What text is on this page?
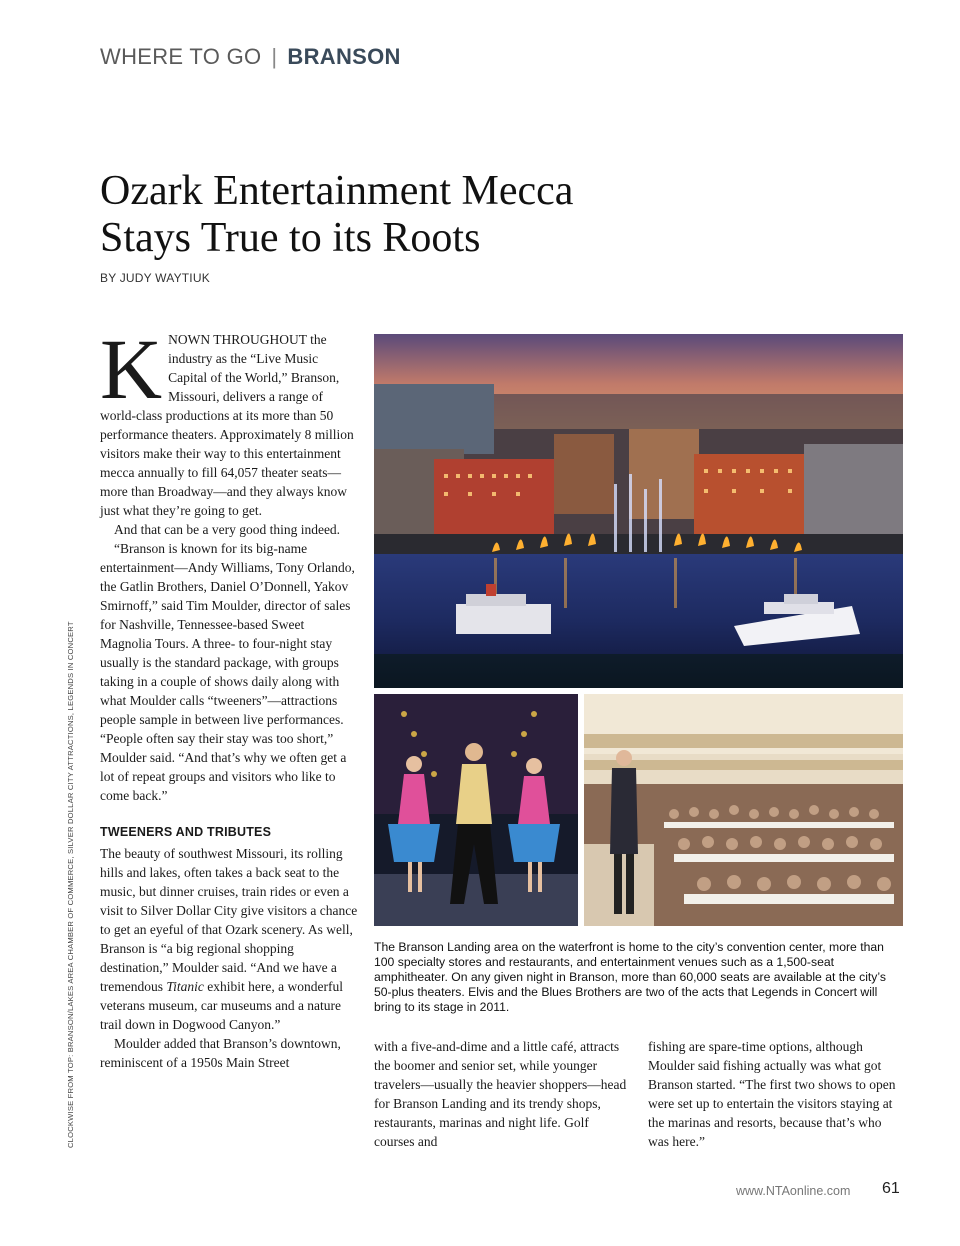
WHERE TO GO | BRANSON
Ozark Entertainment Mecca
Stays True to its Roots
BY JUDY WAYTIUK

KNOWN THROUGHOUT the industry as the “Live Music Capital of the World,” Branson, Missouri, delivers a range of world-class productions at its more than 50 performance theaters. Approximately 8 million visitors make their way to this entertainment mecca annually to fill 64,057 theater seats—more than Broadway—and they always know just what they’re going to get.

And that can be a very good thing indeed.

“Branson is known for its big-name entertainment—Andy Williams, Tony Orlando, the Gatlin Brothers, Daniel O’Donnell, Yakov Smirnoff,” said Tim Moulder, director of sales for Nashville, Tennessee-based Sweet Magnolia Tours. A three- to four-night stay usually is the standard package, with groups taking in a couple of shows daily along with what Moulder calls “tweeners”—attractions people sample in between live performances. “People often say their stay was too short,” Moulder said. “And that’s why we often get a lot of repeat groups and visitors who like to come back.”

TWEENERS AND TRIBUTES

The beauty of southwest Missouri, its rolling hills and lakes, often takes a back seat to the music, but dinner cruises, train rides or even a visit to Silver Dollar City give visitors a chance to get an eyeful of that Ozark scenery. As well, Branson is “a big regional shopping destination,” Moulder said. “And we have a tremendous Titanic exhibit here, a wonderful veterans museum, car museums and a nature trail down in Dogwood Canyon.”

Moulder added that Branson’s downtown, reminiscent of a 1950s Main Street

The Branson Landing area on the waterfront is home to the city’s convention center, more than 100 specialty stores and restaurants, and entertainment venues such as a 1,500-seat amphitheater. On any given night in Branson, more than 60,000 seats are available at the city’s 50-plus theaters. Elvis and the Blues Brothers are two of the acts that Legends in Concert will bring to its stage in 2011.

with a five-and-dime and a little café, attracts the boomer and senior set, while younger travelers—usually the heavier shoppers—head for Branson Landing and its trendy shops, restaurants, marinas and night life. Golf courses and

fishing are spare-time options, although Moulder said fishing actually was what got Branson started. “The first two shows to open were set up to entertain the visitors staying at the marinas and resorts, because that’s who was here.”

CLOCKWISE FROM TOP: BRANSON/LAKES AREA CHAMBER OF COMMERCE, SILVER DOLLAR CITY ATTRACTIONS, LEGENDS IN CONCERT
www.NTAonline.com 61
